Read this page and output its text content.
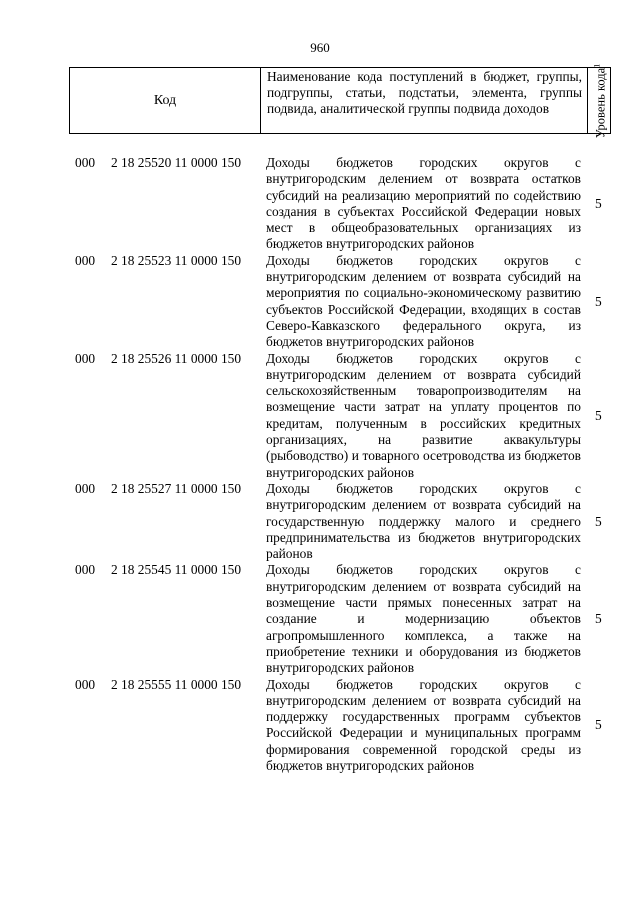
960
Код
Наименование кода поступлений в бюджет, группы, подгруппы, статьи, подстатьи, элемента, группы подвида, аналитической группы подвида доходов	Уровень кода$^1$
000 2 18 25520 11 0000 150 Доходы бюджетов городских округов с внутригородским делением от возврата остатков субсидий на реализацию мероприятий по содействию создания в субъектах Российской Федерации новых мест в общеобразовательных организациях из бюджетов внутригородских районов
5
000 2 18 25523 11 0000 150 Доходы бюджетов городских округов с внутригородским делением от возврата субсидий на мероприятия по социально-экономическому развитию субъектов Российской Федерации, входящих в состав Северо-Кавказского федерального округа, из бюджетов внутригородских районов
5
000 2 18 25526 11 0000 150 Доходы бюджетов городских округов с внутригородским делением от возврата субсидий сельскохозяйственным товаропроизводителям на возмещение части затрат на уплату процентов по кредитам, полученным в российских кредитных организациях, на развитие аквакультуры (рыбоводство) и товарного осетроводства из бюджетов внутригородских районов
5
000 2 18 25527 11 0000 150 Доходы бюджетов городских округов с внутригородским делением от возврата субсидий на государственную поддержку малого и среднего предпринимательства из бюджетов внутригородских районов
5
000 2 18 25545 11 0000 150 Доходы бюджетов городских округов с внутригородским делением от возврата субсидий на возмещение части прямых понесенных затрат на создание и модернизацию объектов агропромышленного комплекса, а также на приобретение техники и оборудования из бюджетов внутригородских районов
5
000 2 18 25555 11 0000 150 Доходы бюджетов городских округов с внутригородским делением от возврата субсидий на поддержку государственных программ субъектов Российской Федерации и муниципальных программ формирования современной городской среды из бюджетов внутригородских районов
5
